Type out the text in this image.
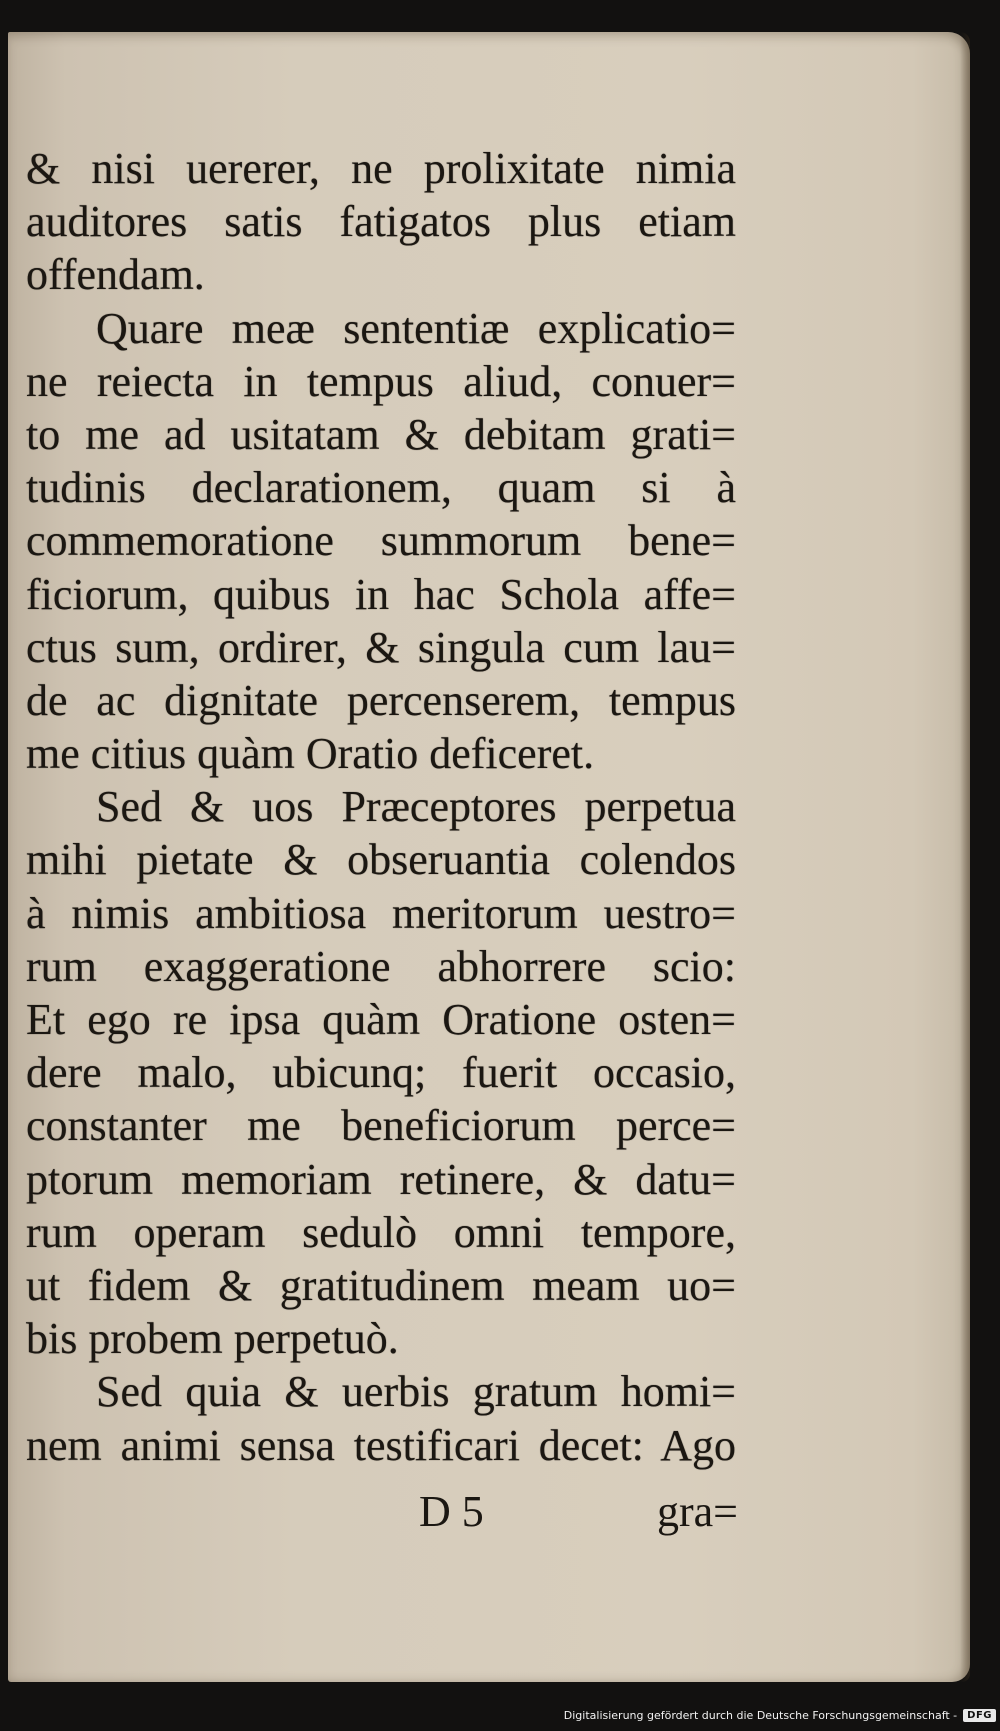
& nisi uererer, ne prolixitate nimia
auditores satis fatigatos plus etiam
offendam.
Quare meæ sententiæ explicatio=
ne reiecta in tempus aliud, conuer=
to me ad usitatam & debitam grati=
tudinis declarationem, quam si à
commemoratione summorum bene=
ficiorum, quibus in hac Schola affe=
ctus sum, ordirer, & singula cum lau=
de ac dignitate percenserem, tempus
me citius quàm Oratio deficeret.
Sed & uos Præceptores perpetua
mihi pietate & obseruantia colendos
à nimis ambitiosa meritorum uestro=
rum exaggeratione abhorrere scio:
Et ego re ipsa quàm Oratione osten=
dere malo, ubicunq; fuerit occasio,
constanter me beneficiorum perce=
ptorum memoriam retinere, & datu=
rum operam sedulò omni tempore,
ut fidem & gratitudinem meam uo=
bis probem perpetuò.
Sed quia & uerbis gratum homi=
nem animi sensa testificari decet: Ago
D 5	gra=
Digitalisierung gefördert durch die Deutsche Forschungsgemeinschaft -	DFG
